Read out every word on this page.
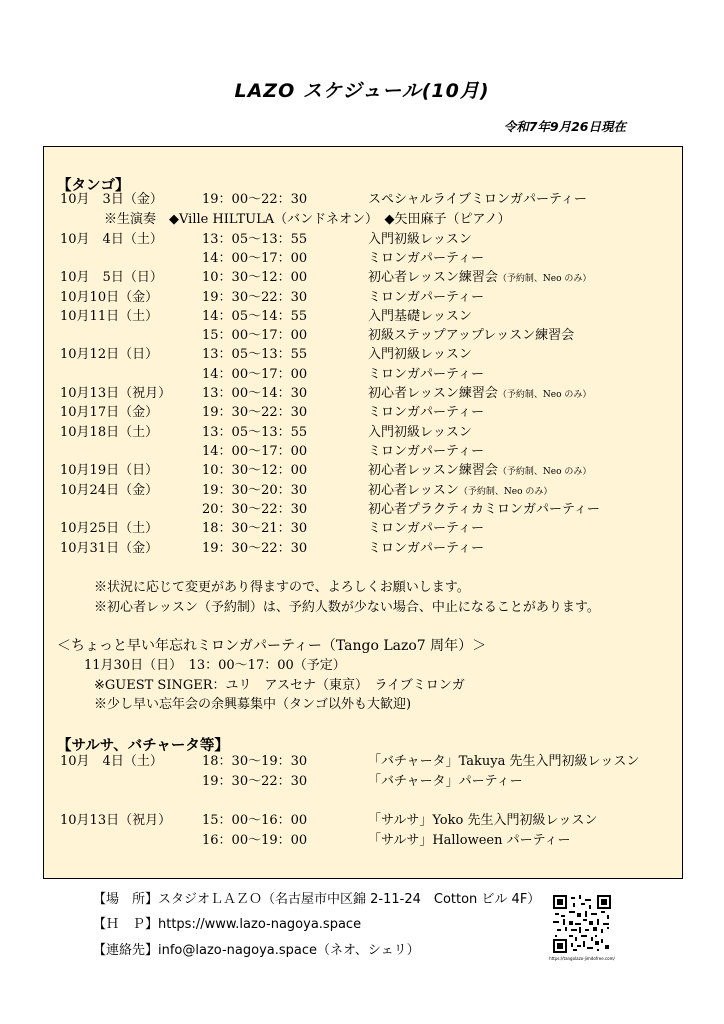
LAZO スケジュール(10月)
令和7年9月26日現在
【タンゴ】
10月　3日（金）	19：00～22：30	スペシャルライブミロンガパーティー
※生演奏　◆Ville HILTULA（バンドネオン）　◆矢田麻子（ピアノ）
10月　4日（土）	13：05～13：55	入門初級レッスン
14：00～17：00	ミロンガパーティー
10月　5日（日）	10：30～12：00	初心者レッスン練習会（予約制、Neo のみ）
10月10日（金）	19：30～22：30	ミロンガパーティー
10月11日（土）	14：05～14：55	入門基礎レッスン
15：00～17：00	初級ステップアップレッスン練習会
10月12日（日）	13：05～13：55	入門初級レッスン
14：00～17：00	ミロンガパーティー
10月13日（祝月） 13：00～14：30	初心者レッスン練習会（予約制、Neo のみ）
10月17日（金）	19：30～22：30	ミロンガパーティー
10月18日（土）	13：05～13：55	入門初級レッスン
14：00～17：00	ミロンガパーティー
10月19日（日）	10：30～12：00	初心者レッスン練習会（予約制、Neo のみ）
10月24日（金）	19：30～20：30	初心者レッスン（予約制、Neo のみ）
20：30～22：30	初心者プラクティカミロンガパーティー
10月25日（土）	18：30～21：30	ミロンガパーティー
10月31日（金）	19：30～22：30	ミロンガパーティー
※状況に応じて変更があり得ますので、よろしくお願いします。
※初心者レッスン（予約制）は、予約人数が少ない場合、中止になることがあります。
＜ちょっと早い年忘れミロンガパーティー（Tango Lazo7 周年）＞
11月30日（日）　13：00～17：00（予定）
※GUEST SINGER：ユリ　アスセナ（東京）　ライブミロンガ
※少し早い忘年会の余興募集中（タンゴ以外も大歓迎)
【サルサ、バチャータ等】
10月　4日（土）	18：30～19：30	「バチャータ」Takuya 先生入門初級レッスン
19：30～22：30	「バチャータ」パーティー
10月13日（祝月） 15：00～16：00	「サルサ」Yoko 先生入門初級レッスン
16：00～19：00	「サルサ」Halloween パーティー
【場　所】スタジオＬＡＺＯ（名古屋市中区錦 2-11-24　Cotton ビル 4F）
【Ｈ　Ｐ】https://www.lazo-nagoya.space
【連絡先】info@lazo-nagoya.space（ネオ、シェリ）
https://tangolazo-jimdofree.com/
